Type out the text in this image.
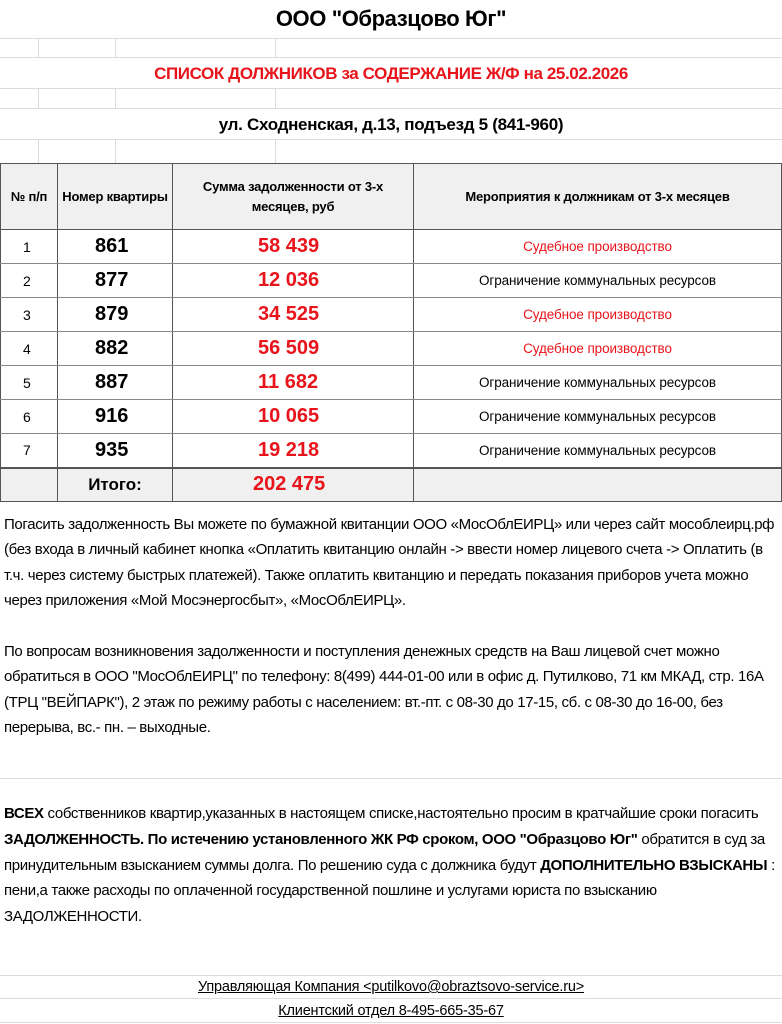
ООО "Образцово Юг"
СПИСОК ДОЛЖНИКОВ за СОДЕРЖАНИЕ Ж/Ф на 25.02.2026
ул. Сходненская, д.13, подъезд 5 (841-960)
№ п/п	Номер квартиры	Сумма задолженности от 3-х месяцев, руб	Мероприятия к должникам от 3-х месяцев
1	861	58 439	Судебное производство
2	877	12 036	Ограничение коммунальных ресурсов
3	879	34 525	Судебное производство
4	882	56 509	Судебное производство
5	887	11 682	Ограничение коммунальных ресурсов
6	916	10 065	Ограничение коммунальных ресурсов
7	935	19 218	Ограничение коммунальных ресурсов
	Итого:	202 475	
Погасить задолженность Вы можете по бумажной квитанции ООО «МосОблЕИРЦ» или через сайт мособлеирц.рф (без входа в личный кабинет кнопка «Оплатить квитанцию онлайн -> ввести номер лицевого счета -> Оплатить (в т.ч. через систему быстрых платежей). Также оплатить квитанцию и передать показания приборов учета можно через приложения «Мой Мосэнергосбыт», «МосОблЕИРЦ».
По вопросам возникновения задолженности и поступления денежных средств на Ваш лицевой счет можно обратиться в ООО "МосОблЕИРЦ" по телефону: 8(499) 444-01-00 или в офис д. Путилково, 71 км МКАД, стр. 16А (ТРЦ "ВЕЙПАРК"), 2 этаж по режиму работы с населением: вт.-пт. с 08-30 до 17-15, сб. с 08-30 до 16-00, без перерыва, вс.- пн. – выходные.
ВСЕХ собственников квартир,указанных в настоящем списке,настоятельно просим в кратчайшие сроки погасить ЗАДОЛЖЕННОСТЬ. По истечению установленного ЖК РФ сроком, ООО "Образцово Юг" обратится в суд за принудительным взысканием суммы долга. По решению суда с должника будут ДОПОЛНИТЕЛЬНО ВЗЫСКАНЫ : пени,а также расходы по оплаченной государственной пошлине и услугами юриста по взысканию ЗАДОЛЖЕННОСТИ.
Управляющая Компания <putilkovo@obraztsovo-service.ru>
Клиентский отдел 8-495-665-35-67
